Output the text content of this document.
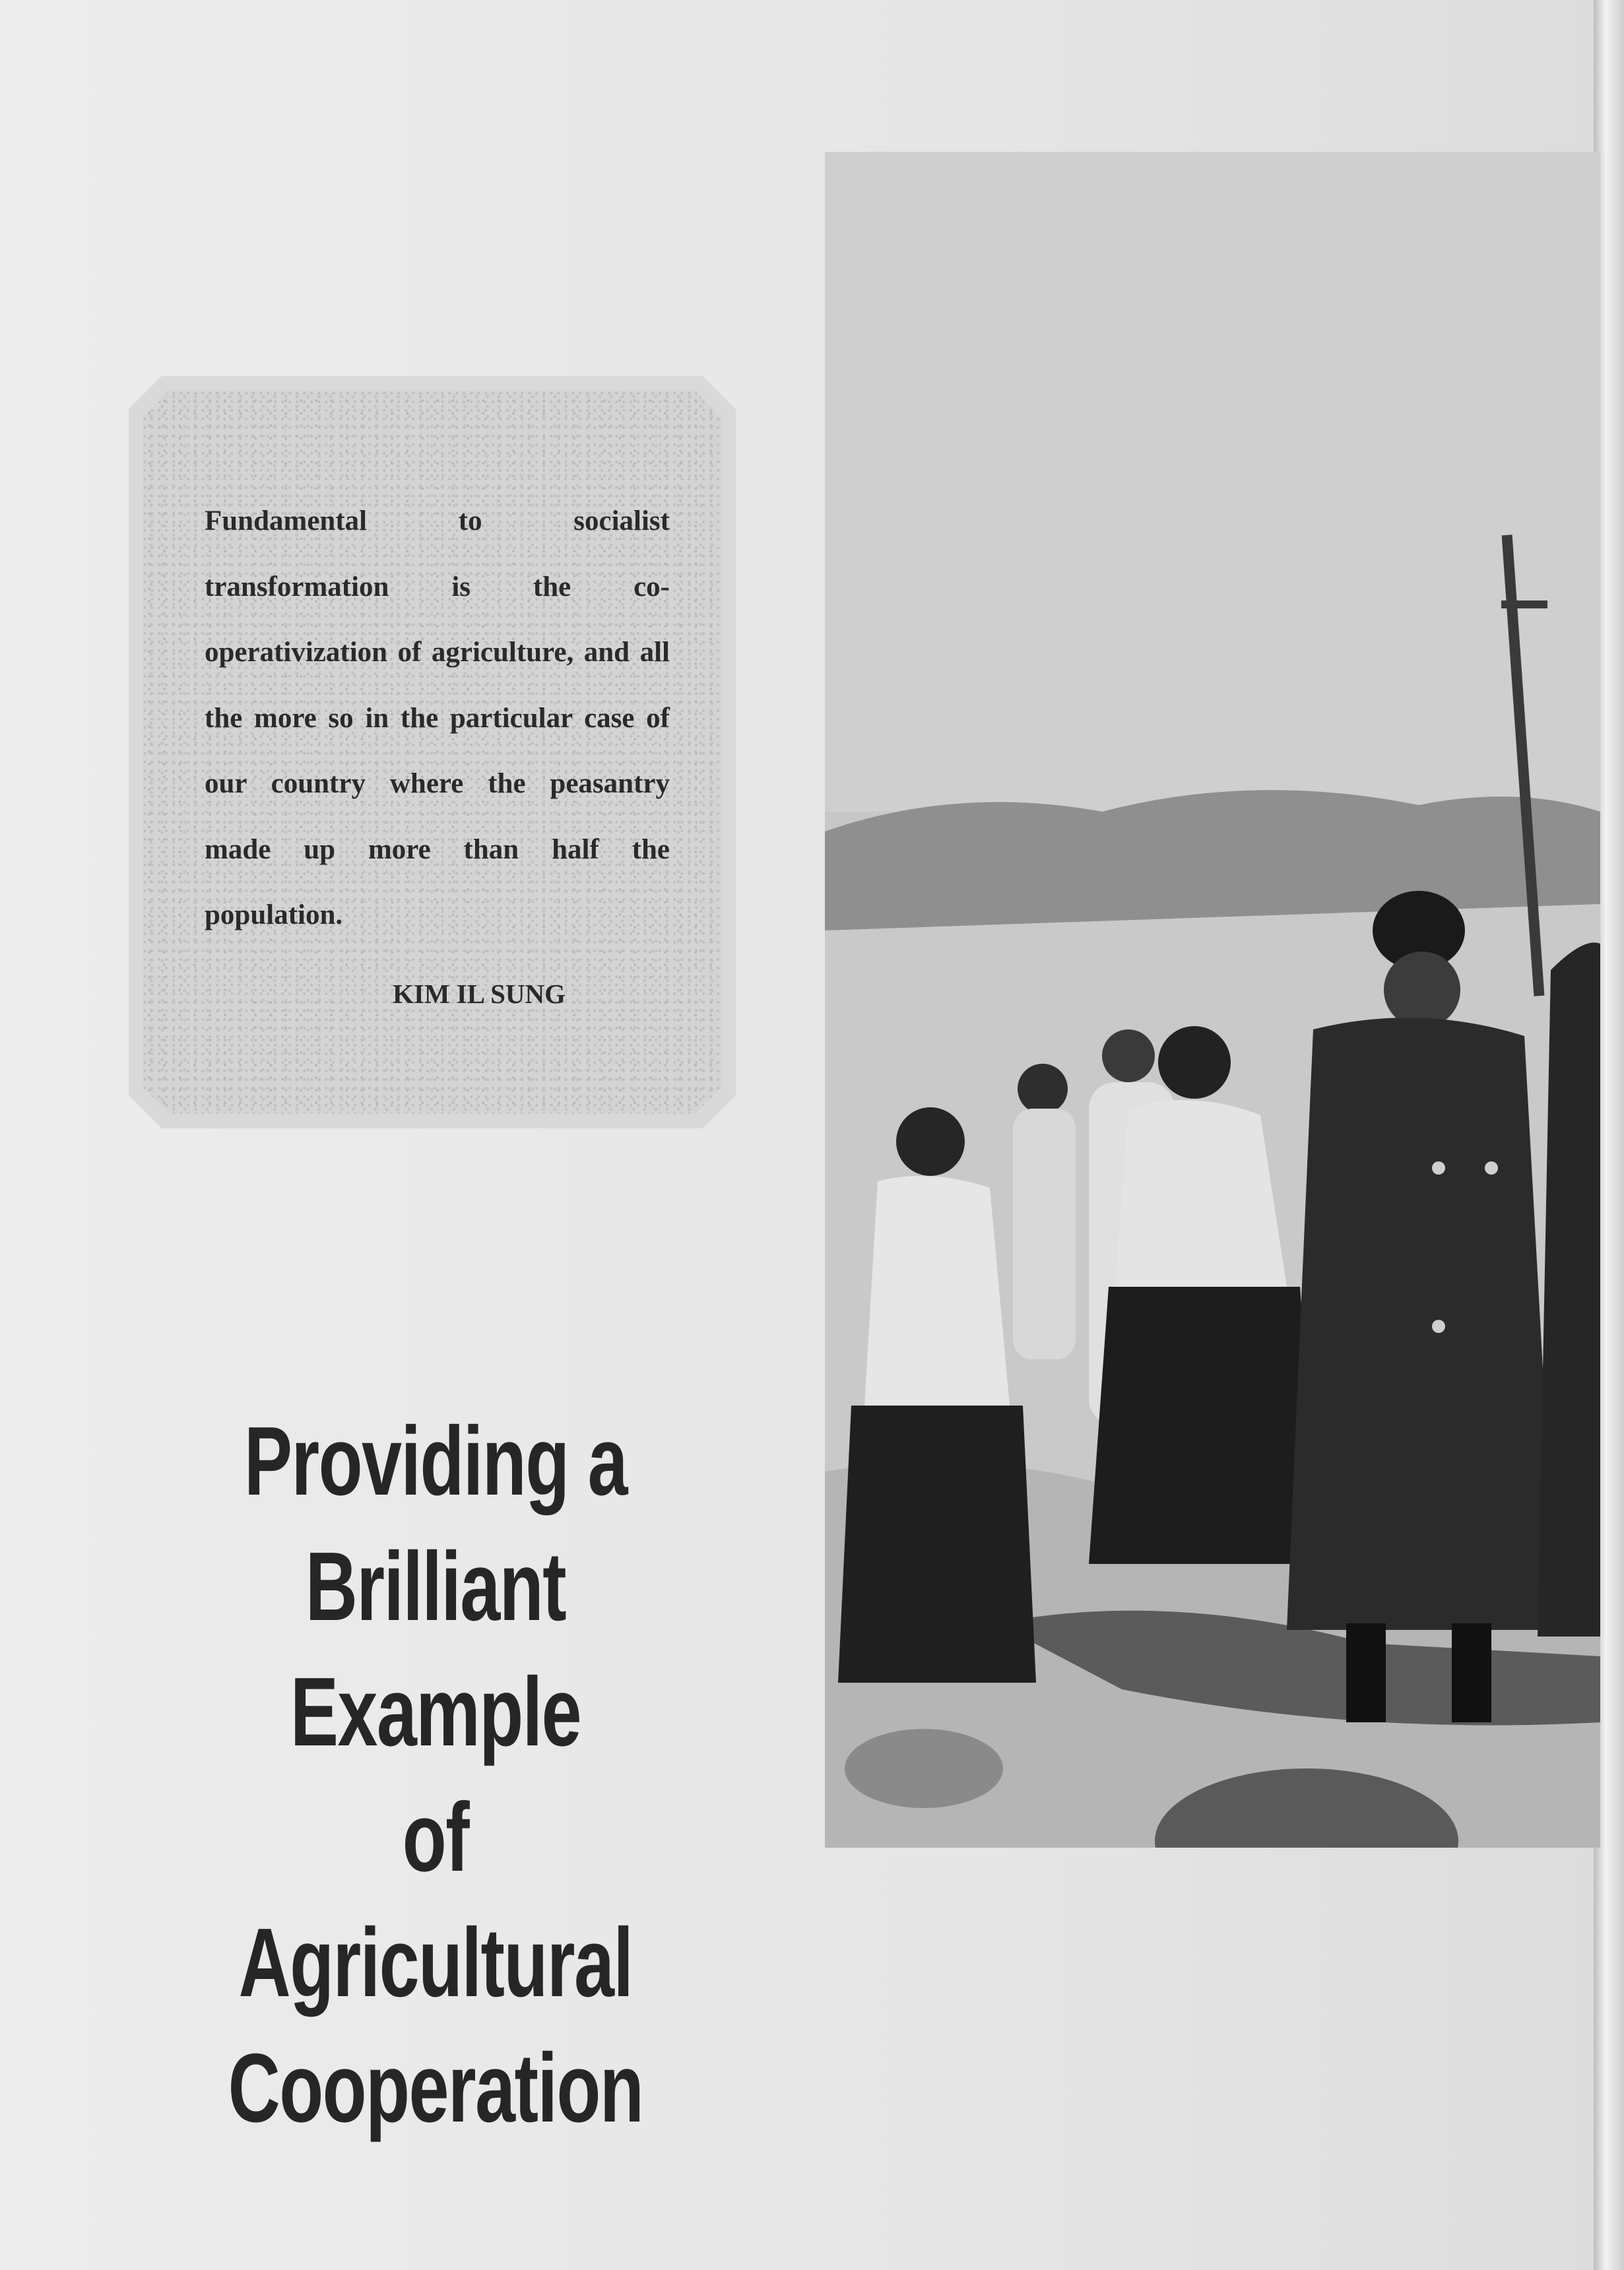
Fundamental to socialist transformation is the co-operativization of agriculture, and all the more so in the particular case of our country where the peasantry made up more than half the population.

KIM IL SUNG

Providing a
Brilliant Example
of Agricultural
Cooperation
